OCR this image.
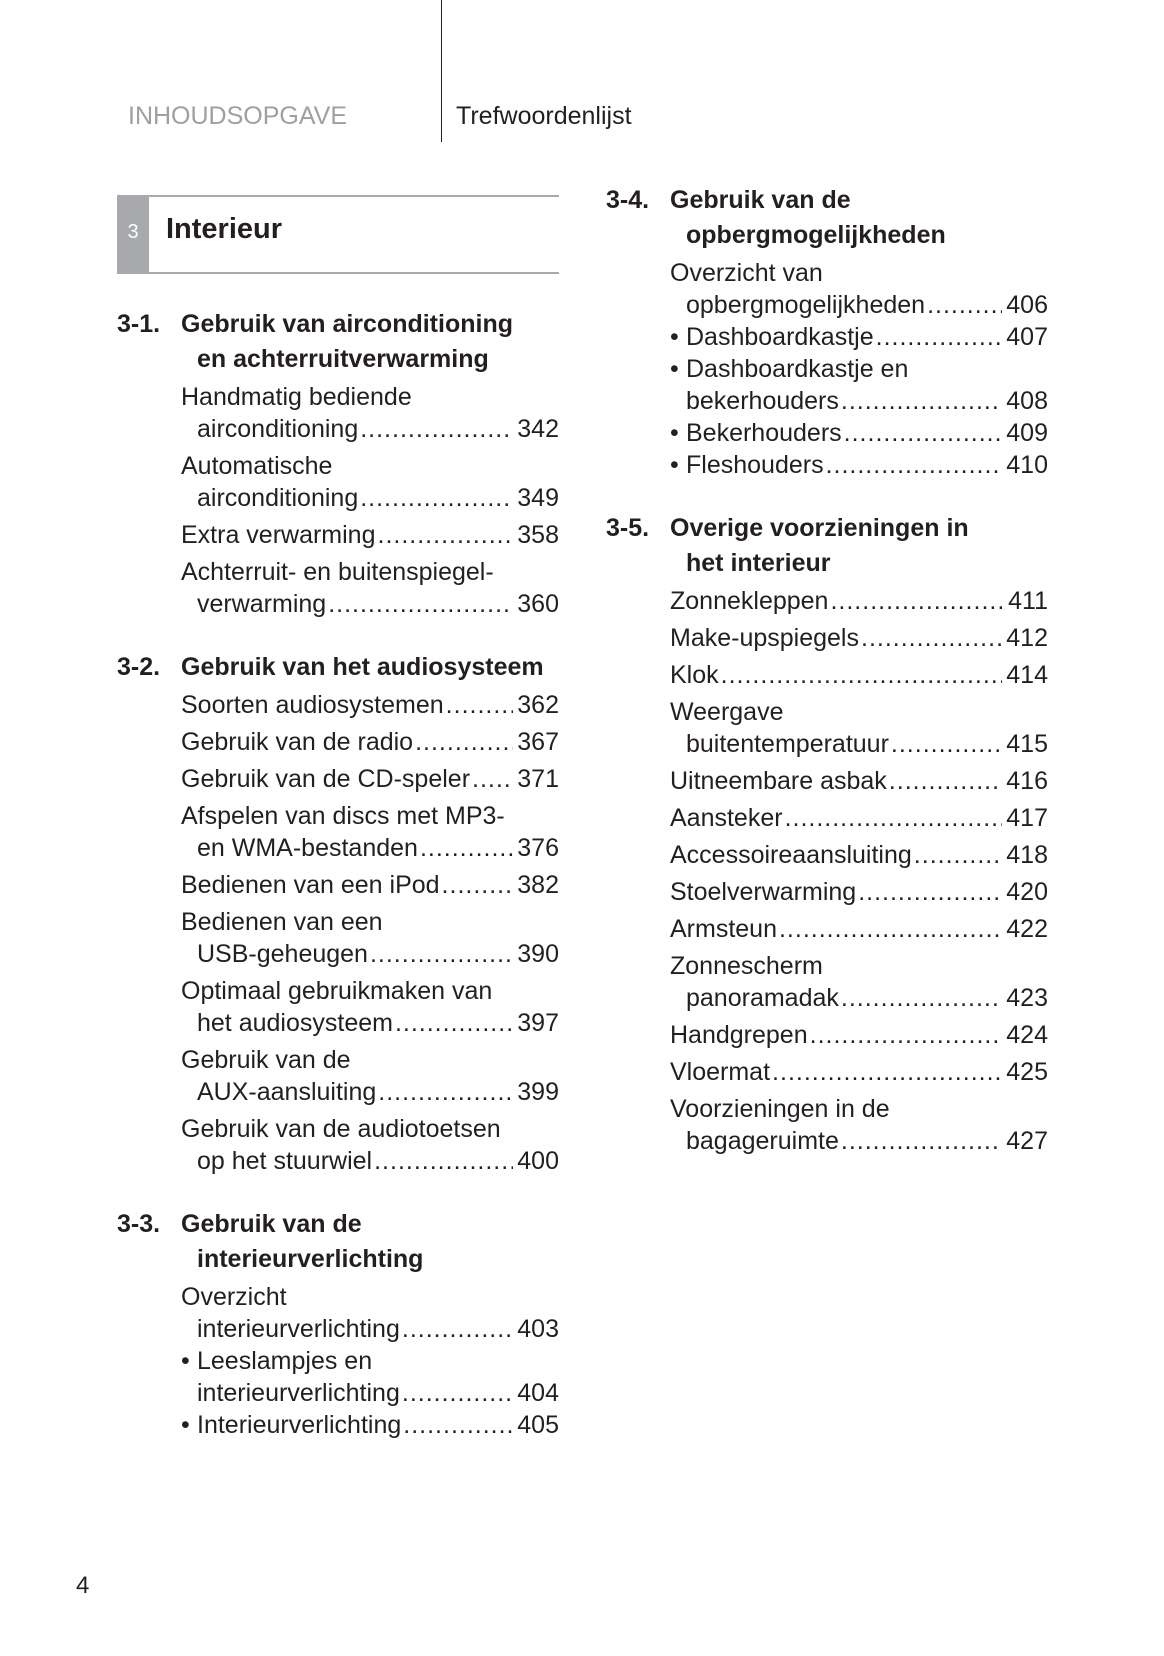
INHOUDSOPGAVE	Trefwoordenlijst
3 Interieur
3-1. Gebruik van airconditioning
en achterruitverwarming
Handmatig bediende
airconditioning .....	342
Automatische
airconditioning .....	349
Extra verwarming .....	358
Achterruit- en buitenspiegel-
verwarming .....	360
3-2. Gebruik van het audiosysteem
Soorten audiosystemen .....	362
Gebruik van de radio .....	367
Gebruik van de CD-speler ..... 371
Afspelen van discs met MP3-
en WMA-bestanden .....	376
Bedienen van een iPod .....	382
Bedienen van een
USB-geheugen .....	390
Optimaal gebruikmaken van
het audiosysteem .....	397
Gebruik van de
AUX-aansluiting .....	399
Gebruik van de audiotoetsen
op het stuurwiel .....	400
3-3. Gebruik van de
interieurverlichting
Overzicht
interieurverlichting .....	403
• Leeslampjes en
interieurverlichting .....	404
• Interieurverlichting .....	405
3-4. Gebruik van de
opbergmogelijkheden
Overzicht van
opbergmogelijkheden .....	406
• Dashboardkastje .....	407
• Dashboardkastje en
bekerhouders .....	408
• Bekerhouders .....	409
• Fleshouders .....	410
3-5. Overige voorzieningen in
het interieur
Zonnekleppen .....	411
Make-upspiegels .....	412
Klok .....	414
Weergave
buitentemperatuur .....	415
Uitneembare asbak .....	416
Aansteker .....	417
Accessoireaansluiting .....	418
Stoelverwarming .....	420
Armsteun .....	422
Zonnescherm
panoramadak .....	423
Handgrepen .....	424
Vloermat .....	425
Voorzieningen in de
bagageruimte .....	427
4
